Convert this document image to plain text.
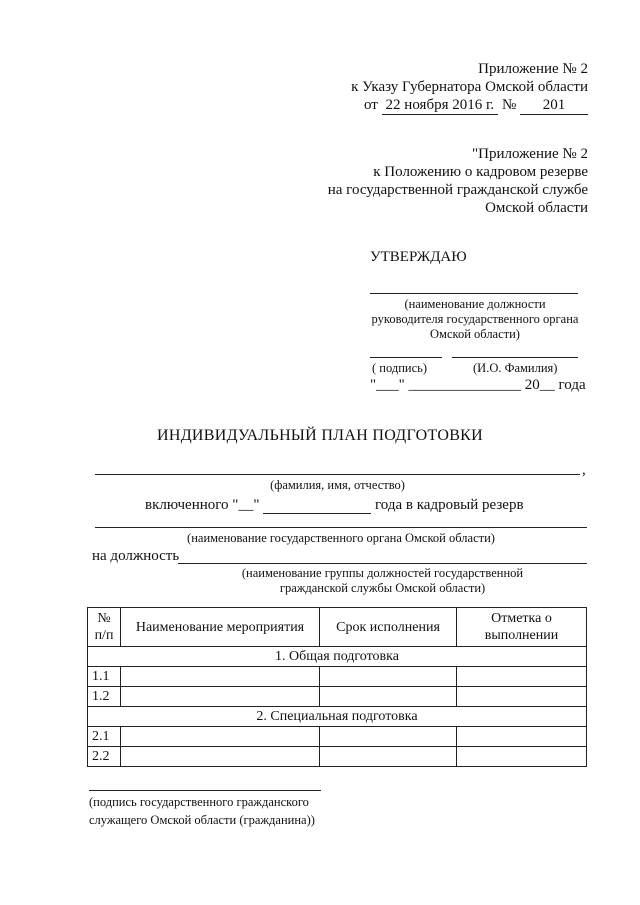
Приложение № 2
к Указу Губернатора Омской области
от 22 ноября 2016 г. № 201
"Приложение № 2
к Положению о кадровом резерве
на государственной гражданской службе
Омской области
УТВЕРЖДАЮ
(наименование должности
руководителя государственного органа
Омской области)
( подпись)	(И.О. Фамилия)
"___" _______________ 20__ года
ИНДИВИДУАЛЬНЫЙ ПЛАН ПОДГОТОВКИ
,
(фамилия, имя, отчество)
включенного "__"	года в кадровый резерв
(наименование государственного органа Омской области)
на должность
(наименование группы должностей государственной
гражданской службы Омской области)
№ п/п	Наименование мероприятия	Срок исполнения	Отметка о выполнении
1. Общая подготовка			
1.1			
1.2			
2. Специальная подготовка			
2.1			
2.2			
(подпись государственного гражданского
служащего Омской области (гражданина))
